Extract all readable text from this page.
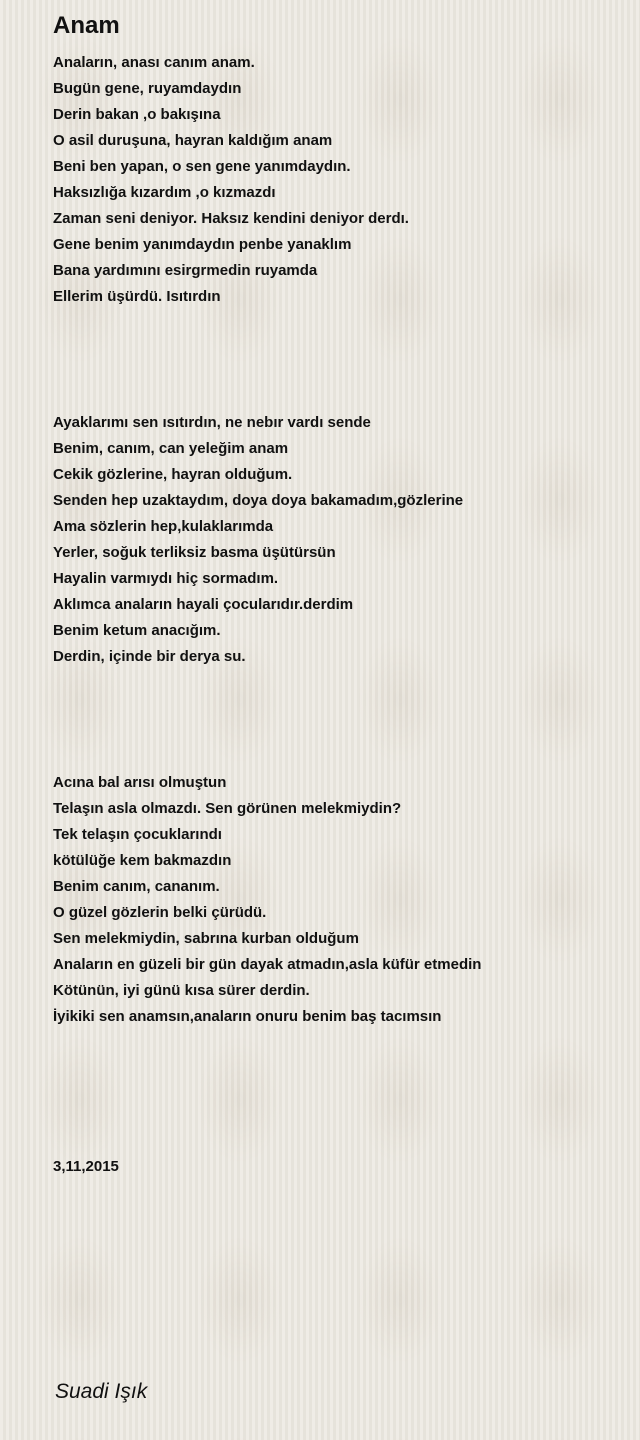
Anam
Anaların, anası canım anam.
Bugün gene, ruyamdaydın
Derin bakan ,o bakışına
O asil duruşuna, hayran kaldığım anam
Beni ben yapan, o sen gene yanımdaydın.
Haksızlığa kızardım ,o kızmazdı
Zaman seni deniyor. Haksız kendini deniyor derdı.
Gene benim yanımdaydın penbe yanaklım
Bana yardımını esirgrmedin ruyamda
Ellerim üşürdü. Isıtırdın
Ayaklarımı sen ısıtırdın, ne nebır vardı sende
Benim, canım, can yeleğim anam
Cekik gözlerine, hayran olduğum.
Senden hep uzaktaydım, doya doya bakamadım,gözlerine
Ama sözlerin hep,kulaklarımda
Yerler, soğuk terliksiz basma üşütürsün
Hayalin varmıydı hiç sormadım.
Aklımca anaların hayali çocularıdır.derdim
Benim ketum anacığım.
Derdin, içinde bir derya su.
Acına bal arısı olmuştun
Telaşın asla olmazdı. Sen görünen melekmiydin?
Tek telaşın çocuklarındı
kötülüğe kem bakmazdın
Benim canım, cananım.
O güzel gözlerin belki çürüdü.
Sen melekmiydin, sabrına kurban olduğum
Anaların en güzeli bir gün dayak atmadın,asla küfür etmedin
Kötünün, iyi günü kısa sürer derdin.
İyikiki sen anamsın,anaların onuru benim baş tacımsın
3,11,2015
Suadi Işık
